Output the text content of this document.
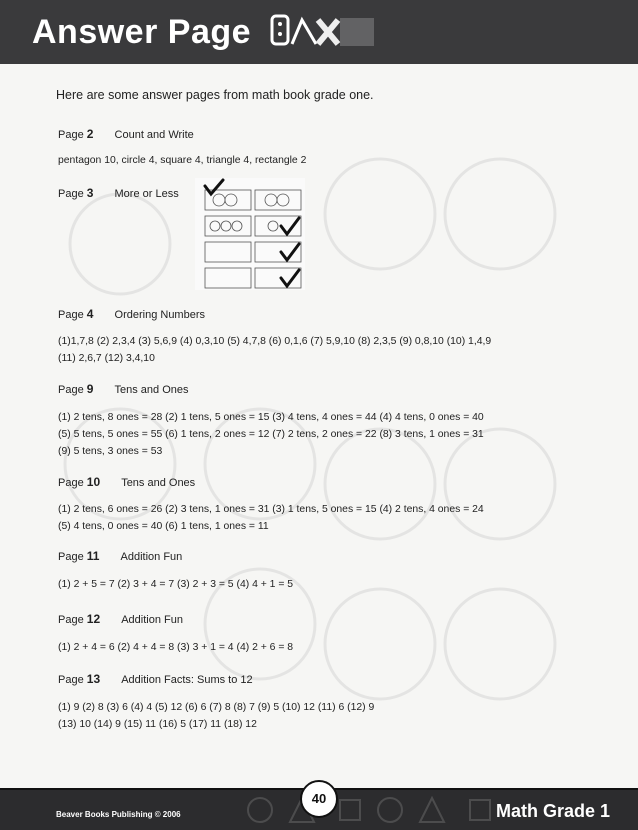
Answer Page
Here are some answer pages from math book grade one.
Page 2 Count and Write
pentagon 10, circle 4, square 4, triangle 4, rectangle 2
Page 3 More or Less
Page 4 Ordering Numbers
(1)1,7,8 (2) 2,3,4 (3) 5,6,9 (4) 0,3,10 (5) 4,7,8 (6) 0,1,6 (7) 5,9,10 (8) 2,3,5 (9) 0,8,10 (10) 1,4,9
(11) 2,6,7 (12) 3,4,10
Page 9 Tens and Ones
(1) 2 tens, 8 ones = 28 (2) 1 tens, 5 ones = 15 (3) 4 tens, 4 ones = 44 (4) 4 tens, 0 ones = 40
(5) 5 tens, 5 ones = 55 (6) 1 tens, 2 ones = 12 (7) 2 tens, 2 ones = 22 (8) 3 tens, 1 ones = 31
(9) 5 tens, 3 ones = 53
Page 10 Tens and Ones
(1) 2 tens, 6 ones = 26 (2) 3 tens, 1 ones = 31 (3) 1 tens, 5 ones = 15 (4) 2 tens, 4 ones = 24
(5) 4 tens, 0 ones = 40 (6) 1 tens, 1 ones = 11
Page 11 Addition Fun
(1) 2 + 5 = 7 (2) 3 + 4 = 7 (3) 2 + 3 = 5 (4) 4 + 1 = 5
Page 12 Addition Fun
(1) 2 + 4 = 6 (2) 4 + 4 = 8 (3) 3 + 1 = 4 (4) 2 + 6 = 8
Page 13 Addition Facts: Sums to 12
(1) 9 (2) 8 (3) 6 (4) 4 (5) 12 (6) 6 (7) 8 (8) 7 (9) 5 (10) 12 (11) 6 (12) 9
(13) 10 (14) 9 (15) 11 (16) 5 (17) 11 (18) 12
Beaver Books Publishing © 2006
40
Math Grade 1
